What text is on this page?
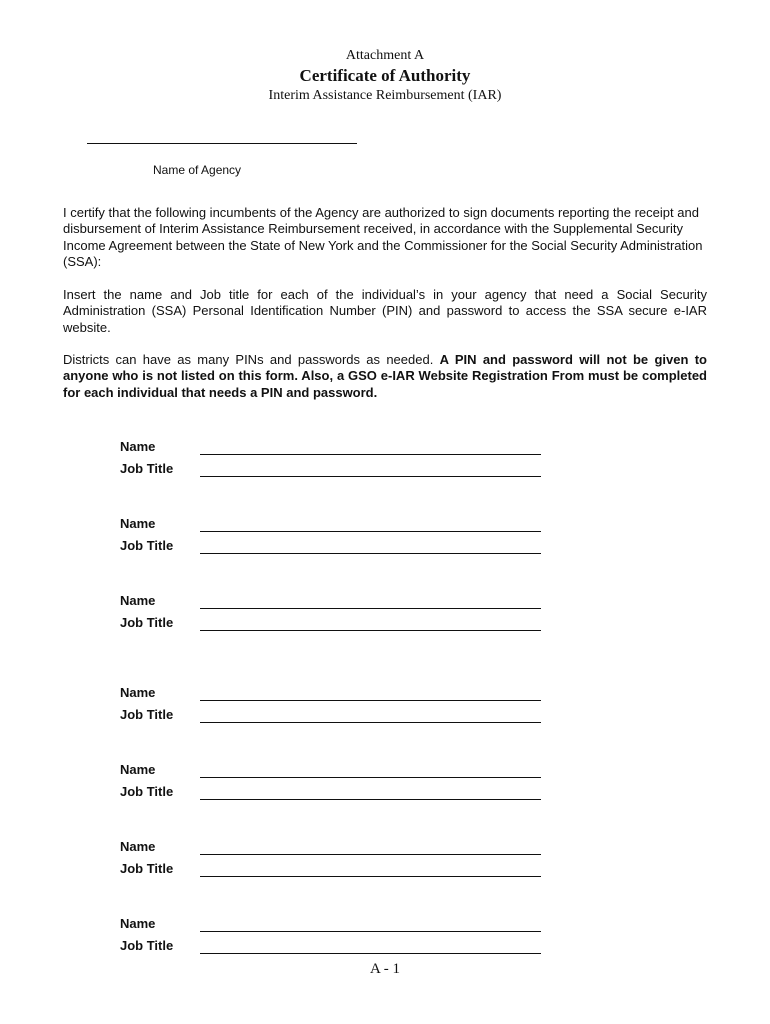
Attachment A
Certificate of Authority
Interim Assistance Reimbursement (IAR)
Name of Agency

I certify that the following incumbents of the Agency are authorized to sign documents reporting the receipt and disbursement of Interim Assistance Reimbursement received, in accordance with the Supplemental Security Income Agreement between the State of New York and the Commissioner for the Social Security Administration (SSA):

Insert the name and Job title for each of the individual’s in your agency that need a Social Security Administration (SSA) Personal Identification Number (PIN) and password to access the SSA secure e-IAR website.

Districts can have as many PINs and passwords as needed. A PIN and password will not be given to anyone who is not listed on this form. Also, a GSO e-IAR Website Registration From must be completed for each individual that needs a PIN and password.

Name
Job Title
Name
Job Title
Name
Job Title
Name
Job Title
Name
Job Title
Name
Job Title
Name
Job Title
A - 1
